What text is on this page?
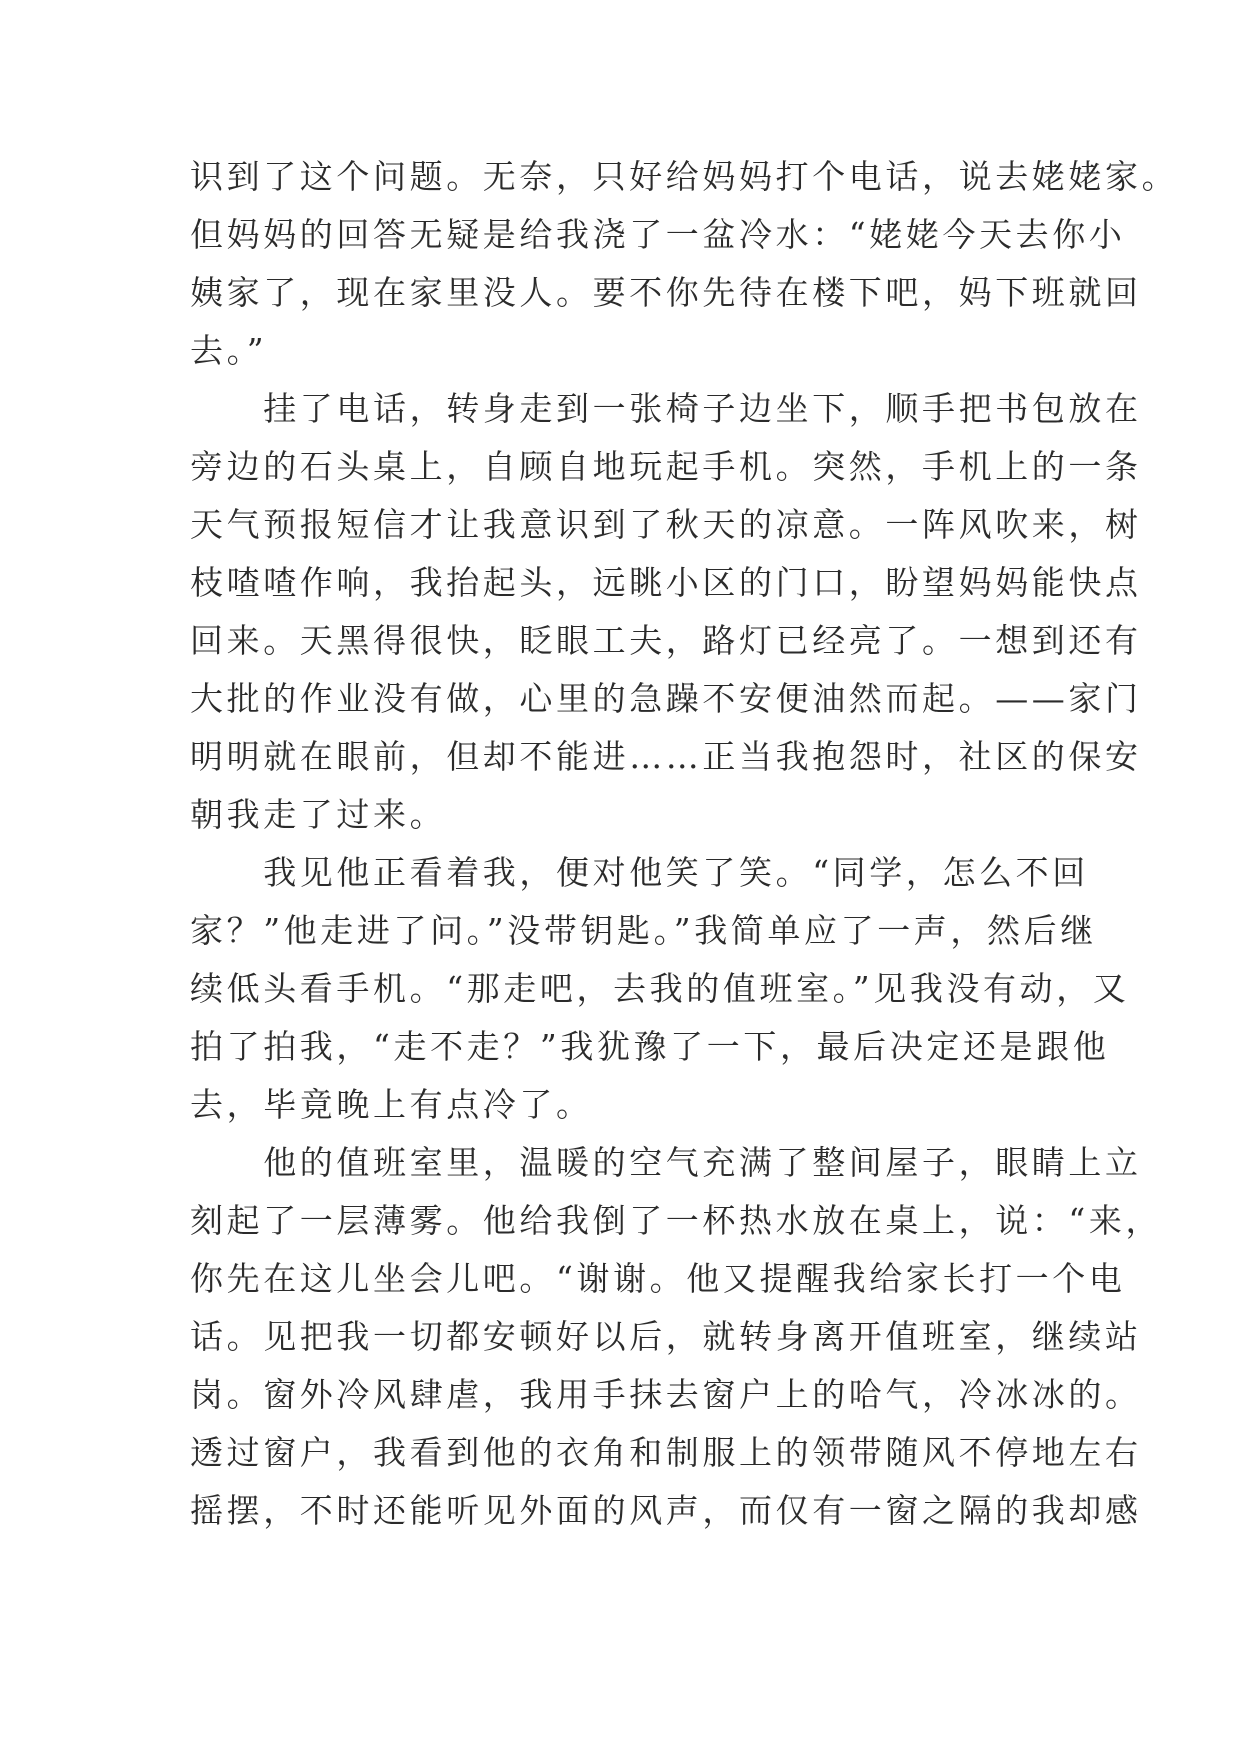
识到了这个问题。无奈，只好给妈妈打个电话，说去姥姥家。
但妈妈的回答无疑是给我浇了一盆冷水：“姥姥今天去你小
姨家了，现在家里没人。要不你先待在楼下吧，妈下班就回
去。”
　　挂了电话，转身走到一张椅子边坐下，顺手把书包放在
旁边的石头桌上，自顾自地玩起手机。突然，手机上的一条
天气预报短信才让我意识到了秋天的凉意。一阵风吹来，树
枝喳喳作响，我抬起头，远眺小区的门口，盼望妈妈能快点
回来。天黑得很快，眨眼工夫，路灯已经亮了。一想到还有
大批的作业没有做，心里的急躁不安便油然而起。——家门
明明就在眼前，但却不能进……正当我抱怨时，社区的保安
朝我走了过来。
　　我见他正看着我，便对他笑了笑。“同学，怎么不回
家？”他走进了问。”没带钥匙。”我简单应了一声，然后继
续低头看手机。“那走吧，去我的值班室。”见我没有动，又
拍了拍我，“走不走？”我犹豫了一下，最后决定还是跟他
去，毕竟晚上有点冷了。
　　他的值班室里，温暖的空气充满了整间屋子，眼睛上立
刻起了一层薄雾。他给我倒了一杯热水放在桌上，说：“来，
你先在这儿坐会儿吧。“谢谢。他又提醒我给家长打一个电
话。见把我一切都安顿好以后，就转身离开值班室，继续站
岗。窗外冷风肆虐，我用手抹去窗户上的哈气，冷冰冰的。
透过窗户，我看到他的衣角和制服上的领带随风不停地左右
摇摆，不时还能听见外面的风声，而仅有一窗之隔的我却感
